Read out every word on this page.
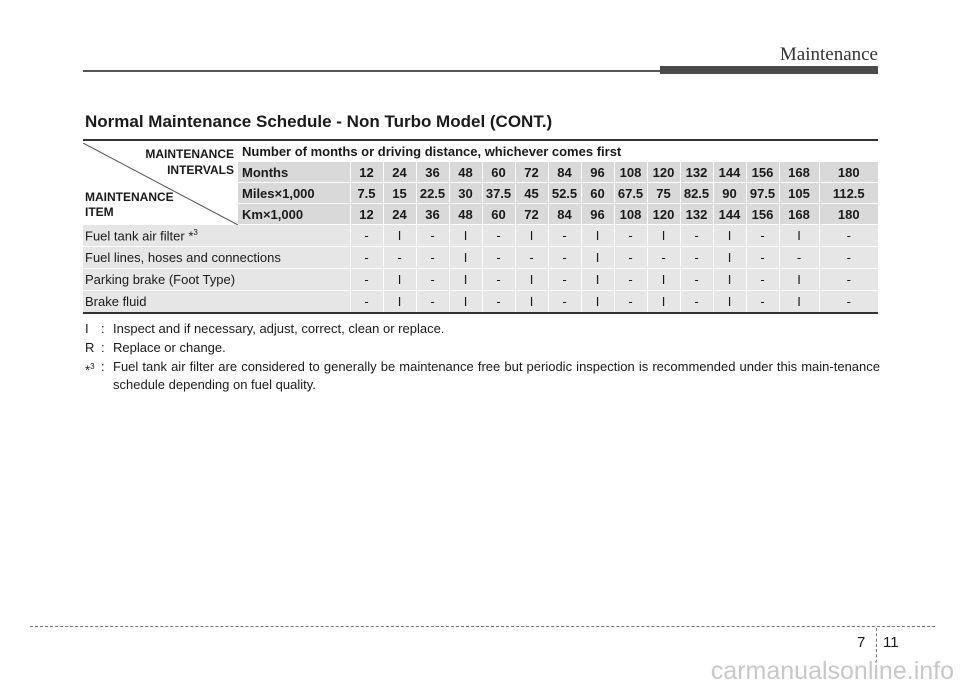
Maintenance
Normal Maintenance Schedule - Non Turbo Model (CONT.)
MAINTENANCE
INTERVALS
MAINTENANCE
ITEM	Number of months or driving distance, whichever comes first															
	Months	12	24	36	48	60	72	84	96	108	120	132	144	156	168	180
	Miles×1,000	7.5	15	22.5	30	37.5	45	52.5	60	67.5	75	82.5	90	97.5	105	112.5
	Km×1,000	12	24	36	48	60	72	84	96	108	120	132	144	156	168	180
Fuel tank air filter *$^3$		-	I	-	I	-	I	-	I	-	I	-	I	-	I	-
Fuel lines, hoses and connections		-	-	-	I	-	-	-	I	-	-	-	I	-	-	-
Parking brake (Foot Type)		-	I	-	I	-	I	-	I	-	I	-	I	-	I	-
Brake fluid		-	I	-	I	-	I	-	I	-	I	-	I	-	I	-
I : Inspect and if necessary, adjust, correct, clean or replace.
R : Replace or change.
*$^3$ : Fuel tank air filter are considered to generally be maintenance free but periodic inspection is recommended under this main-tenance schedule depending on fuel quality.
7 11
carmanualsonline.info
